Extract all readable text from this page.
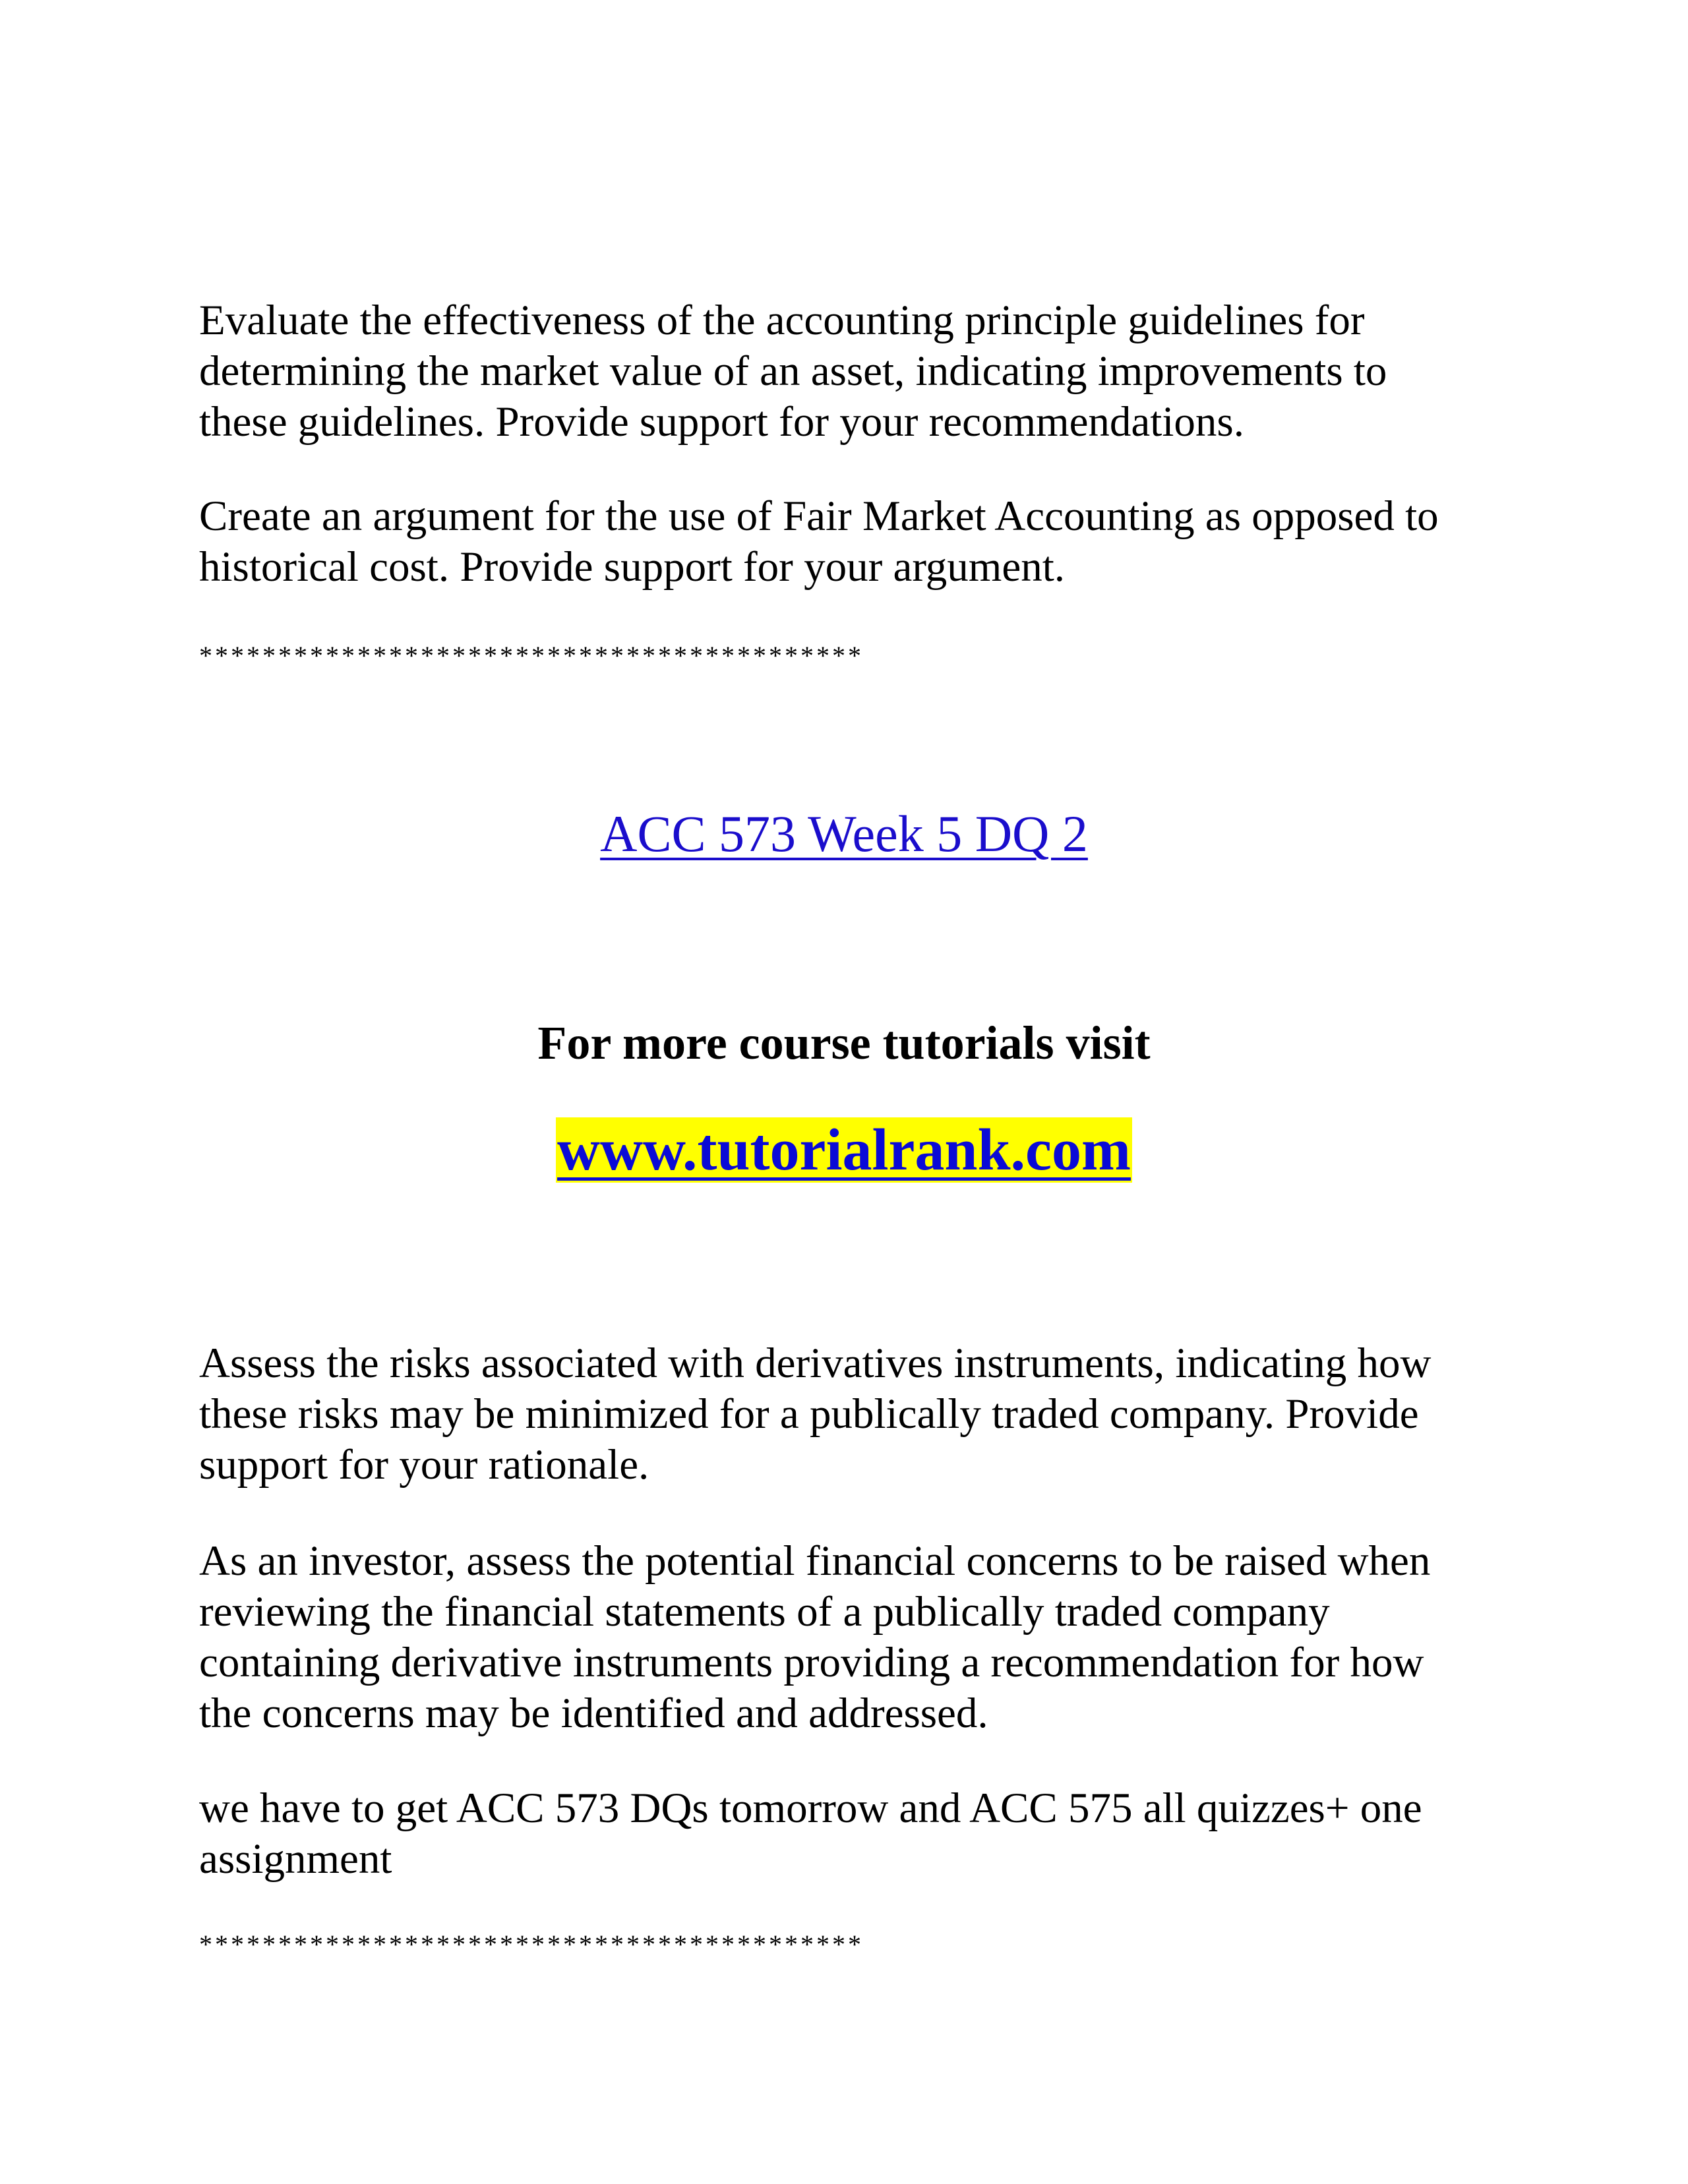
Evaluate the effectiveness of the accounting principle guidelines for
determining the market value of an asset, indicating improvements to
these guidelines. Provide support for your recommendations.

Create an argument for the use of Fair Market Accounting as opposed to
historical cost. Provide support for your argument.

******************************************

ACC 573 Week 5 DQ 2

For more course tutorials visit

www.tutorialrank.com

Assess the risks associated with derivatives instruments, indicating how
these risks may be minimized for a publically traded company. Provide
support for your rationale.

As an investor, assess the potential financial concerns to be raised when
reviewing the financial statements of a publically traded company
containing derivative instruments providing a recommendation for how
the concerns may be identified and addressed.

we have to get ACC 573 DQs tomorrow and ACC 575 all quizzes+ one
assignment

******************************************
